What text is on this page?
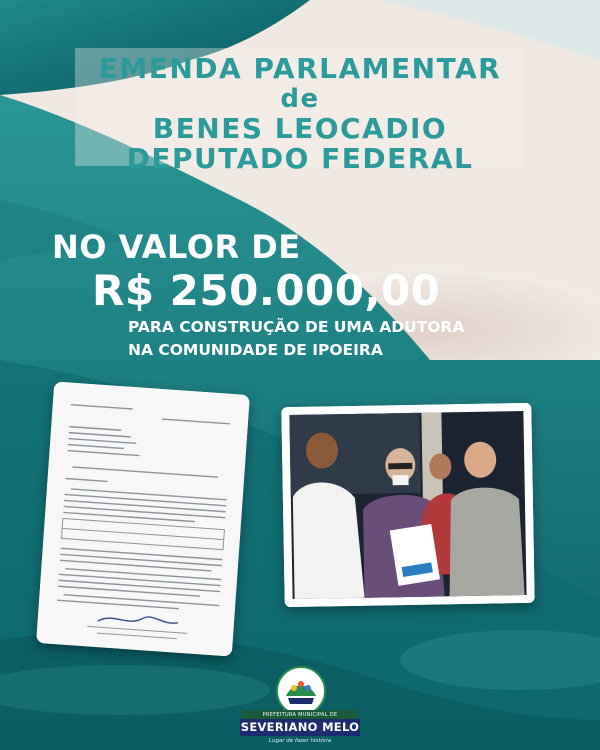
EMENDA PARLAMENTAR
de
BENES LEOCADIO
DEPUTADO FEDERAL
NO VALOR DE
R$ 250.000,00
PARA CONSTRUÇÃO DE UMA ADUTORA
NA COMUNIDADE DE IPOEIRA
PREFEITURA MUNICIPAL DE
SEVERIANO MELO
Lugar de fazer história
